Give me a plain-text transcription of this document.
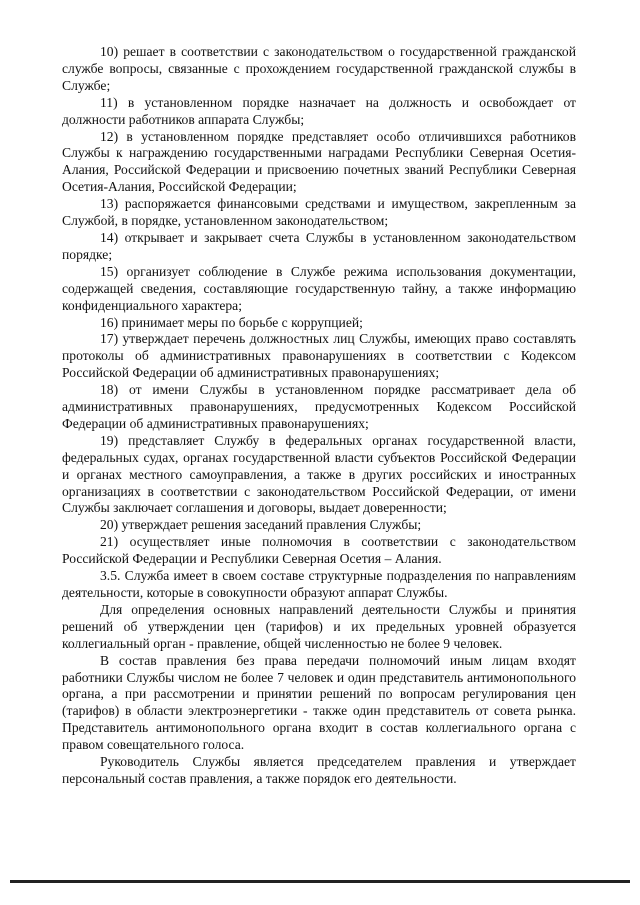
10) решает в соответствии с законодательством о государственной гражданской службе вопросы, связанные с прохождением государственной гражданской службы в Службе;

11) в установленном порядке назначает на должность и освобождает от должности работников аппарата Службы;

12) в установленном порядке представляет особо отличившихся работников Службы к награждению государственными наградами Республики Северная Осетия-Алания, Российской Федерации и присвоению почетных званий Республики Северная Осетия-Алания, Российской Федерации;

13) распоряжается финансовыми средствами и имуществом, закрепленным за Службой, в порядке, установленном законодательством;

14) открывает и закрывает счета Службы в установленном законодательством порядке;

15) организует соблюдение в Службе режима использования документации, содержащей сведения, составляющие государственную тайну, а также информацию конфиденциального характера;

16) принимает меры по борьбе с коррупцией;

17) утверждает перечень должностных лиц Службы, имеющих право составлять протоколы об административных правонарушениях в соответствии с Кодексом Российской Федерации об административных правонарушениях;

18) от имени Службы в установленном порядке рассматривает дела об административных правонарушениях, предусмотренных Кодексом Российской Федерации об административных правонарушениях;

19) представляет Службу в федеральных органах государственной власти, федеральных судах, органах государственной власти субъектов Российской Федерации и органах местного самоуправления, а также в других российских и иностранных организациях в соответствии с законодательством Российской Федерации, от имени Службы заключает соглашения и договоры, выдает доверенности;

20) утверждает решения заседаний правления Службы;

21) осуществляет иные полномочия в соответствии с законодательством Российской Федерации и Республики Северная Осетия – Алания.

3.5. Служба имеет в своем составе структурные подразделения по направлениям деятельности, которые в совокупности образуют аппарат Службы.

Для определения основных направлений деятельности Службы и принятия решений об утверждении цен (тарифов) и их предельных уровней образуется коллегиальный орган - правление, общей численностью не более 9 человек.

В состав правления без права передачи полномочий иным лицам входят работники Службы числом не более 7 человек и один представитель антимонопольного органа, а при рассмотрении и принятии решений по вопросам регулирования цен (тарифов) в области электроэнергетики - также один представитель от совета рынка. Представитель антимонопольного органа входит в состав коллегиального органа с правом совещательного голоса.

Руководитель Службы является председателем правления и утверждает персональный состав правления, а также порядок его деятельности.
